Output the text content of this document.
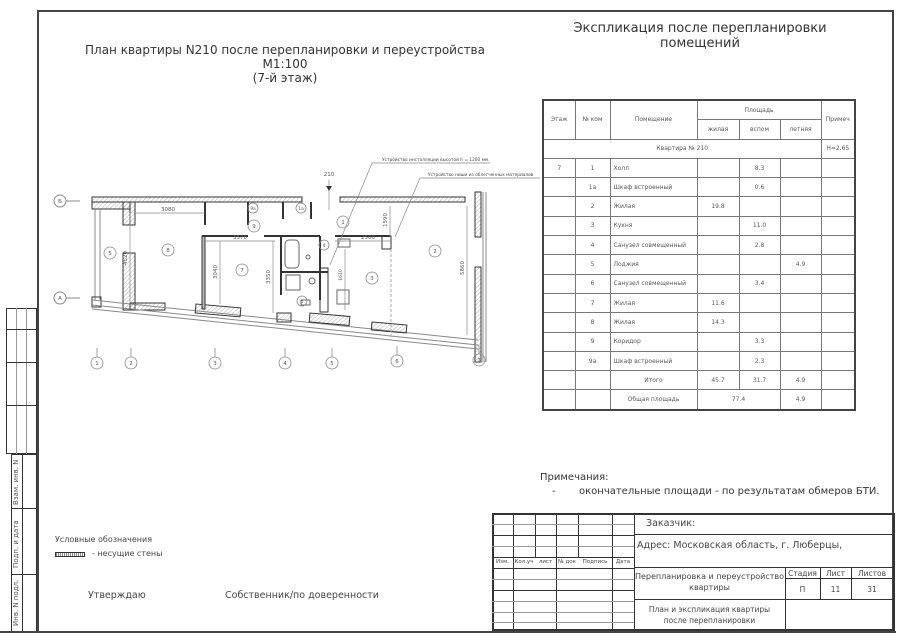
План квартиры N210 после перепланировки и переустройства
М1:100
(7-й этаж)
Экспликация после перепланировки помещений
Б
А
1	2	3	4	5	6	7
1
1а
2
3
4
5
6
7
8
9
9а
3080
4520
3570
3040	3350
2500
1590
5860
1610
210
Устройство инсталляции высотой h = 1200 мм.
Устройство ниши из облегченных материалов
Этаж	№ ком	Помещение	Площадь			Примеч
			жилая	вспом	летняя	
Квартира № 210						H=2.65
7	1	Холл		8.3		
	1а	Шкаф встроенный		0.6		
	2	Жилая	19.8			
	3	Кухня		11.0		
	4	Санузел совмещенный		2.8		
	5	Лоджия			4.9	
	6	Санузел совмещенный		3.4		
	7	Жилая	11.6			
	8	Жилая	14.3			
	9	Коридор		3.3		
	9а	Шкаф встроенный		2.3		
		Итого	45.7	31.7	4.9	
		Общая площадь	77.4		4.9	
Примечания:
- окончательные площади - по результатам обмеров БТИ.
Условные обозначения
- несущие стены
Утверждаю	Собственник/по доверенности
Взам. инв. N
Подп. и дата
Инв. N подл.
Изм.	Кол.уч лист	№ док	Подпись	Дата
Заказчик:
Адрес: Московская область, г. Люберцы,
Перепланировка и переустройство
квартиры
План и экспликация квартиры
после перепланировки
Стадия	Лист	Листов
П	11	31
